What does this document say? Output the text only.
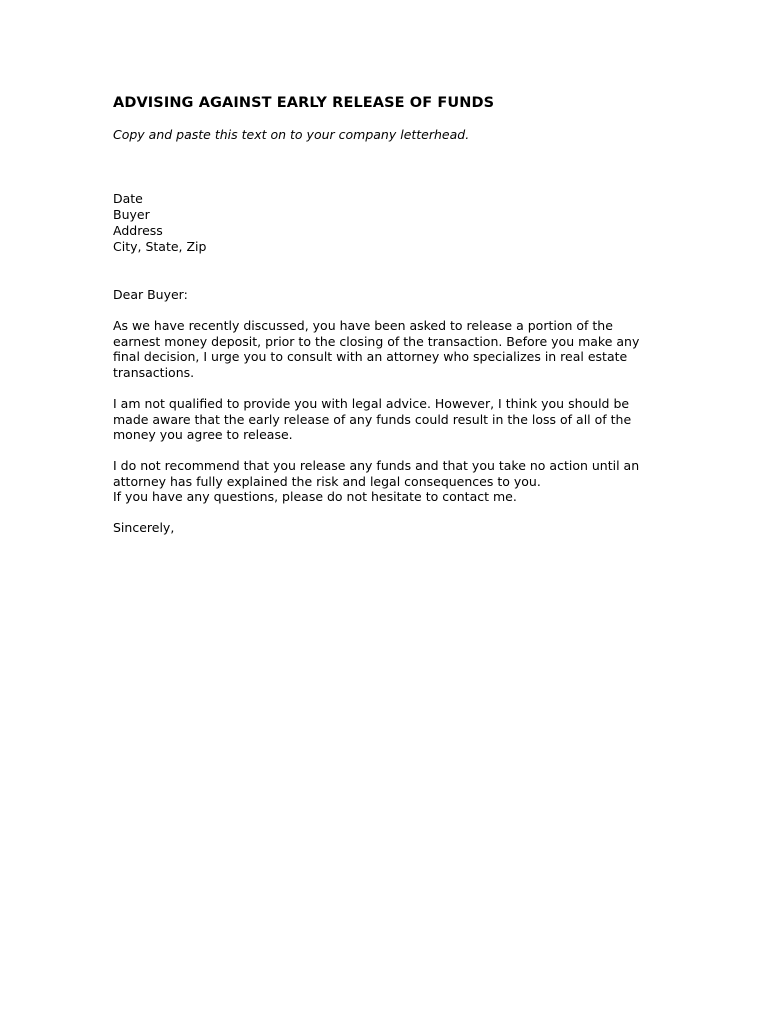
ADVISING AGAINST EARLY RELEASE OF FUNDS
Copy and paste this text on to your company letterhead.
Date
Buyer
Address
City, State, Zip
Dear Buyer:
As we have recently discussed, you have been asked to release a portion of the earnest money deposit, prior to the closing of the transaction. Before you make any final decision, I urge you to consult with an attorney who specializes in real estate transactions.
I am not qualified to provide you with legal advice. However, I think you should be made aware that the early release of any funds could result in the loss of all of the money you agree to release.
I do not recommend that you release any funds and that you take no action until an attorney has fully explained the risk and legal consequences to you.
If you have any questions, please do not hesitate to contact me.
Sincerely,
